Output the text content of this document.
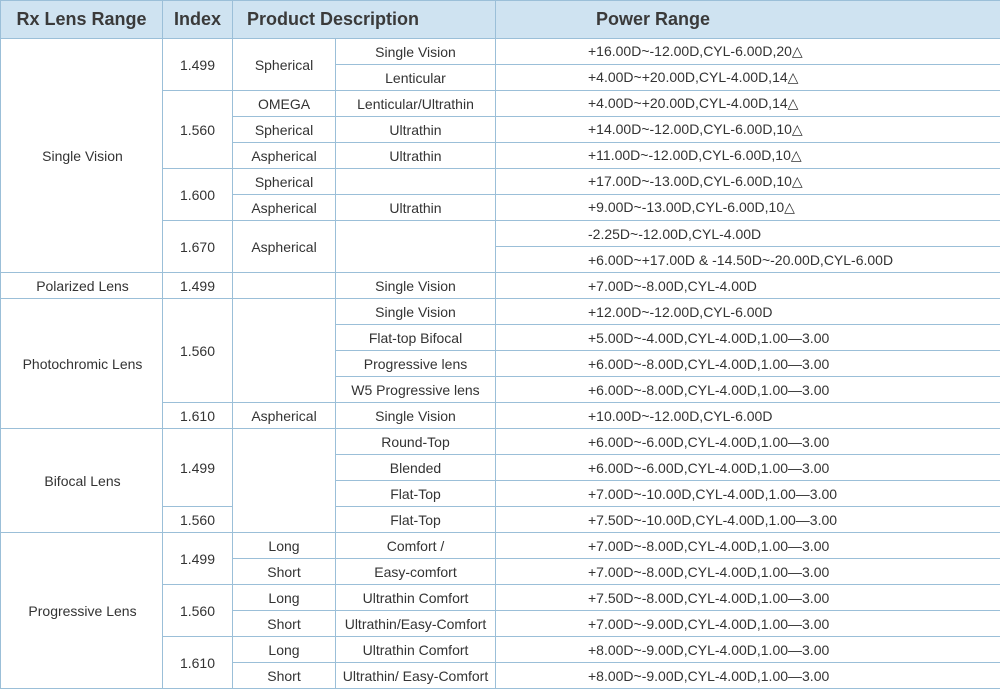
Rx Lens Range	Index	Product Description		Power Range
Single Vision	1.499	Spherical	Single Vision	+16.00D~-12.00D,CYL-6.00D,20△
			Lenticular	+4.00D~+20.00D,CYL-4.00D,14△
	1.560	OMEGA	Lenticular/Ultrathin	+4.00D~+20.00D,CYL-4.00D,14△
		Spherical	Ultrathin	+14.00D~-12.00D,CYL-6.00D,10△
		Aspherical	Ultrathin	+11.00D~-12.00D,CYL-6.00D,10△
	1.600	Spherical		+17.00D~-13.00D,CYL-6.00D,10△
		Aspherical	Ultrathin	+9.00D~-13.00D,CYL-6.00D,10△
	1.670	Aspherical		-2.25D~-12.00D,CYL-4.00D
				+6.00D~+17.00D & -14.50D~-20.00D,CYL-6.00D
Polarized Lens	1.499		Single Vision	+7.00D~-8.00D,CYL-4.00D
Photochromic Lens	1.560		Single Vision	+12.00D~-12.00D,CYL-6.00D
			Flat-top Bifocal	+5.00D~-4.00D,CYL-4.00D,1.00—3.00
			Progressive lens	+6.00D~-8.00D,CYL-4.00D,1.00—3.00
			W5 Progressive lens	+6.00D~-8.00D,CYL-4.00D,1.00—3.00
	1.610	Aspherical	Single Vision	+10.00D~-12.00D,CYL-6.00D
Bifocal Lens	1.499		Round-Top	+6.00D~-6.00D,CYL-4.00D,1.00—3.00
			Blended	+6.00D~-6.00D,CYL-4.00D,1.00—3.00
			Flat-Top	+7.00D~-10.00D,CYL-4.00D,1.00—3.00
	1.560		Flat-Top	+7.50D~-10.00D,CYL-4.00D,1.00—3.00
Progressive Lens	1.499	Long	Comfort /	+7.00D~-8.00D,CYL-4.00D,1.00—3.00
		Short	Easy-comfort	+7.00D~-8.00D,CYL-4.00D,1.00—3.00
	1.560	Long	Ultrathin Comfort	+7.50D~-8.00D,CYL-4.00D,1.00—3.00
		Short	Ultrathin/Easy-Comfort	+7.00D~-9.00D,CYL-4.00D,1.00—3.00
	1.610	Long	Ultrathin Comfort	+8.00D~-9.00D,CYL-4.00D,1.00—3.00
		Short	Ultrathin/ Easy-Comfort	+8.00D~-9.00D,CYL-4.00D,1.00—3.00
